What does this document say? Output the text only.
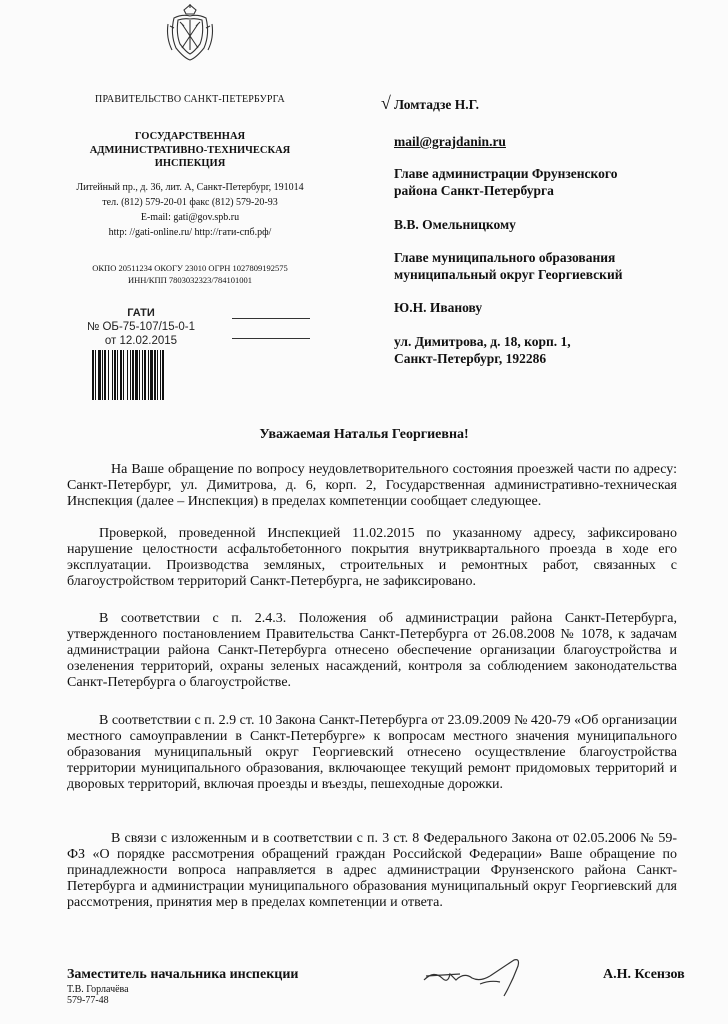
ПРАВИТЕЛЬСТВО САНКТ-ПЕТЕРБУРГА
ГОСУДАРСТВЕННАЯ
АДМИНИСТРАТИВНО-ТЕХНИЧЕСКАЯ
ИНСПЕКЦИЯ
Литейный пр., д. 36, лит. А, Санкт-Петербург, 191014
тел. (812) 579-20-01 факс (812) 579-20-93
E-mail: gati@gov.spb.ru
http: //gati-online.ru/ http://гати-спб.рф/
ОКПО 20511234 ОКОГУ 23010 ОГРН 1027809192575
ИНН/КПП 7803032323/784101001
ГАТИ
№ ОБ-75-107/15-0-1
от 12.02.2015
√ Ломтадзе Н.Г.
mail@grajdanin.ru
Главе администрации Фрунзенского
района Санкт-Петербурга
В.В. Омельницкому
Главе муниципального образования
муниципальный округ Георгиевский
Ю.Н. Иванову
ул. Димитрова, д. 18, корп. 1,
Санкт-Петербург, 192286
Уважаемая Наталья Георгиевна!

На Ваше обращение по вопросу неудовлетворительного состояния проезжей части по адресу: Санкт-Петербург, ул. Димитрова, д. 6, корп. 2, Государственная административно-техническая Инспекция (далее – Инспекция) в пределах компетенции сообщает следующее.

Проверкой, проведенной Инспекцией 11.02.2015 по указанному адресу, зафиксировано нарушение целостности асфальтобетонного покрытия внутриквартального проезда в ходе его эксплуатации. Производства земляных, строительных и ремонтных работ, связанных с благоустройством территорий Санкт-Петербурга, не зафиксировано.

В соответствии с п. 2.4.3. Положения об администрации района Санкт-Петербурга, утвержденного постановлением Правительства Санкт-Петербурга от 26.08.2008 № 1078, к задачам администрации района Санкт-Петербурга отнесено обеспечение организации благоустройства и озеленения территорий, охраны зеленых насаждений, контроля за соблюдением законодательства Санкт-Петербурга о благоустройстве.

В соответствии с п. 2.9 ст. 10 Закона Санкт-Петербурга от 23.09.2009 № 420-79 «Об организации местного самоуправлении в Санкт-Петербурге» к вопросам местного значения муниципального образования муниципальный округ Георгиевский отнесено осуществление благоустройства территории муниципального образования, включающее текущий ремонт придомовых территорий и дворовых территорий, включая проезды и въезды, пешеходные дорожки.

В связи с изложенным и в соответствии с п. 3 ст. 8 Федерального Закона от 02.05.2006 № 59-ФЗ «О порядке рассмотрения обращений граждан Российской Федерации» Ваше обращение по принадлежности вопроса направляется в адрес администрации Фрунзенского района Санкт-Петербурга и администрации муниципального образования муниципальный округ Георгиевский для рассмотрения, принятия мер в пределах компетенции и ответа.

Заместитель начальника инспекции	А.Н. Ксензов
Т.В. Горлачёва
579-77-48
